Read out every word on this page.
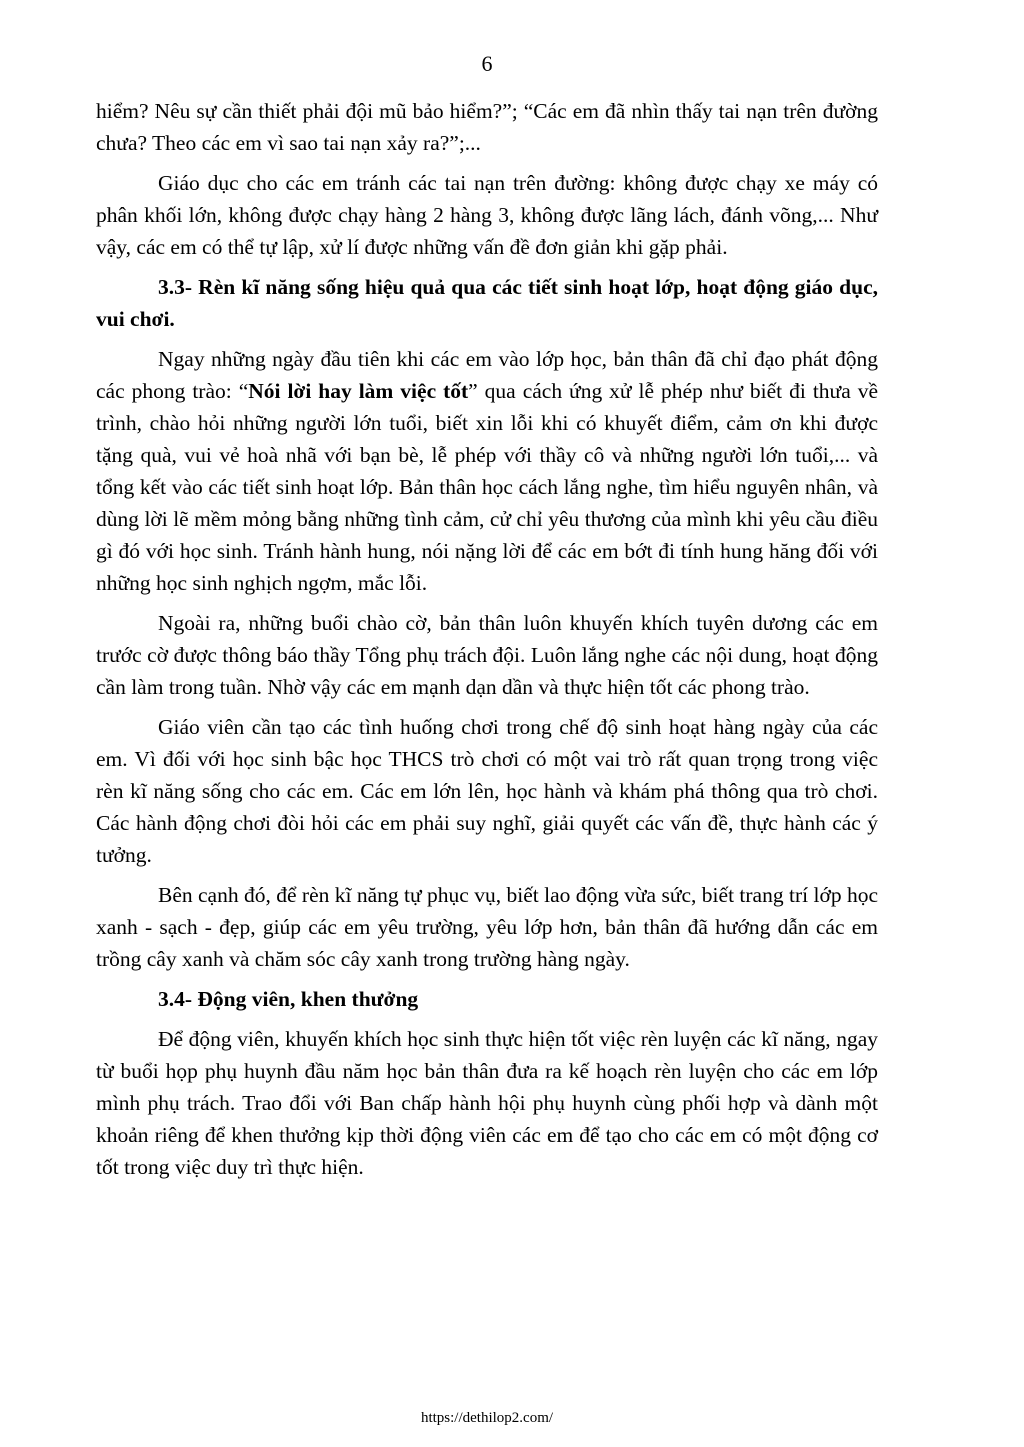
6

hiểm? Nêu sự cần thiết phải đội mũ bảo hiểm?”; “Các em đã nhìn thấy tai nạn trên đường chưa? Theo các em vì sao tai nạn xảy ra?”;...

Giáo dục cho các em tránh các tai nạn trên đường: không được chạy xe máy có phân khối lớn, không được chạy hàng 2 hàng 3, không được lãng lách, đánh võng,... Như vậy, các em có thể tự lập, xử lí được những vấn đề đơn giản khi gặp phải.

3.3- Rèn kĩ năng sống hiệu quả qua các tiết sinh hoạt lớp, hoạt động giáo dục, vui chơi.

Ngay những ngày đầu tiên khi các em vào lớp học, bản thân đã chỉ đạo phát động các phong trào: “Nói lời hay làm việc tốt” qua cách ứng xử lễ phép như biết đi thưa về trình, chào hỏi những người lớn tuổi, biết xin lỗi khi có khuyết điểm, cảm ơn khi được tặng quà, vui vẻ hoà nhã với bạn bè, lễ phép với thầy cô và những người lớn tuổi,... và tổng kết vào các tiết sinh hoạt lớp. Bản thân học cách lắng nghe, tìm hiểu nguyên nhân, và dùng lời lẽ mềm mỏng bằng những tình cảm, cử chỉ yêu thương của mình khi yêu cầu điều gì đó với học sinh. Tránh hành hung, nói nặng lời để các em bớt đi tính hung hăng đối với những học sinh nghịch ngợm, mắc lỗi.

Ngoài ra, những buổi chào cờ, bản thân luôn khuyến khích tuyên dương các em trước cờ được thông báo thầy Tổng phụ trách đội. Luôn lắng nghe các nội dung, hoạt động cần làm trong tuần. Nhờ vậy các em mạnh dạn dần và thực hiện tốt các phong trào.

Giáo viên cần tạo các tình huống chơi trong chế độ sinh hoạt hàng ngày của các em. Vì đối với học sinh bậc học THCS trò chơi có một vai trò rất quan trọng trong việc rèn kĩ năng sống cho các em. Các em lớn lên, học hành và khám phá thông qua trò chơi. Các hành động chơi đòi hỏi các em phải suy nghĩ, giải quyết các vấn đề, thực hành các ý tưởng.

Bên cạnh đó, để rèn kĩ năng tự phục vụ, biết lao động vừa sức, biết trang trí lớp học xanh - sạch - đẹp, giúp các em yêu trường, yêu lớp hơn, bản thân đã hướng dẫn các em trồng cây xanh và chăm sóc cây xanh trong trường hàng ngày.

3.4- Động viên, khen thưởng

Để động viên, khuyến khích học sinh thực hiện tốt việc rèn luyện các kĩ năng, ngay từ buổi họp phụ huynh đầu năm học bản thân đưa ra kế hoạch rèn luyện cho các em lớp mình phụ trách. Trao đổi với Ban chấp hành hội phụ huynh cùng phối hợp và dành một khoản riêng để khen thưởng kịp thời động viên các em để tạo cho các em có một động cơ tốt trong việc duy trì thực hiện.

https://dethilop2.com/
